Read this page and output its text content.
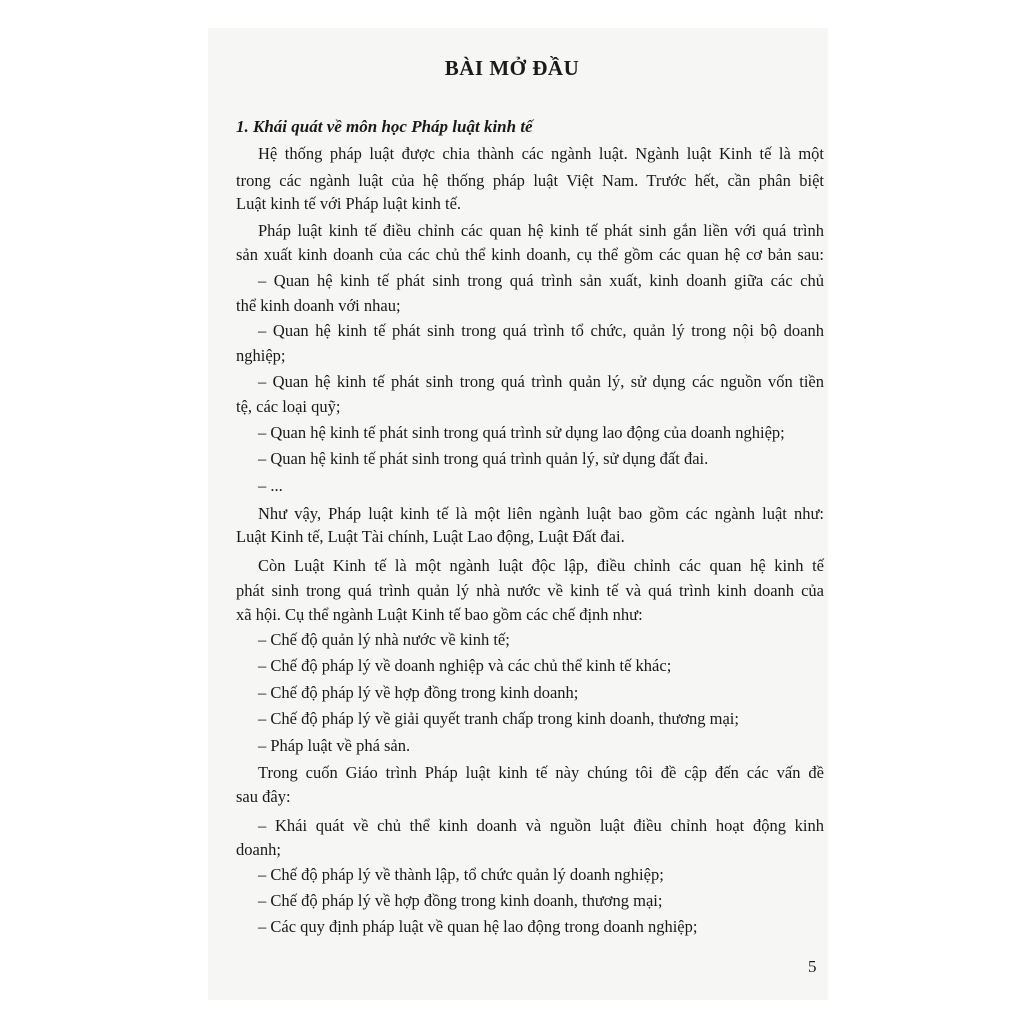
BÀI MỞ ĐẦU
1. Khái quát về môn học Pháp luật kinh tế
Hệ thống pháp luật được chia thành các ngành luật. Ngành luật Kinh tế là một
trong các ngành luật của hệ thống pháp luật Việt Nam. Trước hết, cần phân biệt
Luật kinh tế với Pháp luật kinh tế.
Pháp luật kinh tế điều chỉnh các quan hệ kinh tế phát sinh gắn liền với quá trình
sản xuất kinh doanh của các chủ thể kinh doanh, cụ thể gồm các quan hệ cơ bản sau:
– Quan hệ kinh tế phát sinh trong quá trình sản xuất, kinh doanh giữa các chủ
thể kinh doanh với nhau;
– Quan hệ kinh tế phát sinh trong quá trình tổ chức, quản lý trong nội bộ doanh
nghiệp;
– Quan hệ kinh tế phát sinh trong quá trình quản lý, sử dụng các nguồn vốn tiền
tệ, các loại quỹ;
– Quan hệ kinh tế phát sinh trong quá trình sử dụng lao động của doanh nghiệp;
– Quan hệ kinh tế phát sinh trong quá trình quản lý, sử dụng đất đai.
– ...
Như vậy, Pháp luật kinh tế là một liên ngành luật bao gồm các ngành luật như:
Luật Kinh tế, Luật Tài chính, Luật Lao động, Luật Đất đai.
Còn Luật Kinh tế là một ngành luật độc lập, điều chỉnh các quan hệ kinh tế
phát sinh trong quá trình quản lý nhà nước về kinh tế và quá trình kinh doanh của
xã hội. Cụ thể ngành Luật Kinh tế bao gồm các chế định như:
– Chế độ quản lý nhà nước về kinh tế;
– Chế độ pháp lý về doanh nghiệp và các chủ thể kinh tế khác;
– Chế độ pháp lý về hợp đồng trong kinh doanh;
– Chế độ pháp lý về giải quyết tranh chấp trong kinh doanh, thương mại;
– Pháp luật về phá sản.
Trong cuốn Giáo trình Pháp luật kinh tế này chúng tôi đề cập đến các vấn đề
sau đây:
– Khái quát về chủ thể kinh doanh và nguồn luật điều chỉnh hoạt động kinh
doanh;
– Chế độ pháp lý về thành lập, tổ chức quản lý doanh nghiệp;
– Chế độ pháp lý về hợp đồng trong kinh doanh, thương mại;
– Các quy định pháp luật về quan hệ lao động trong doanh nghiệp;
5
